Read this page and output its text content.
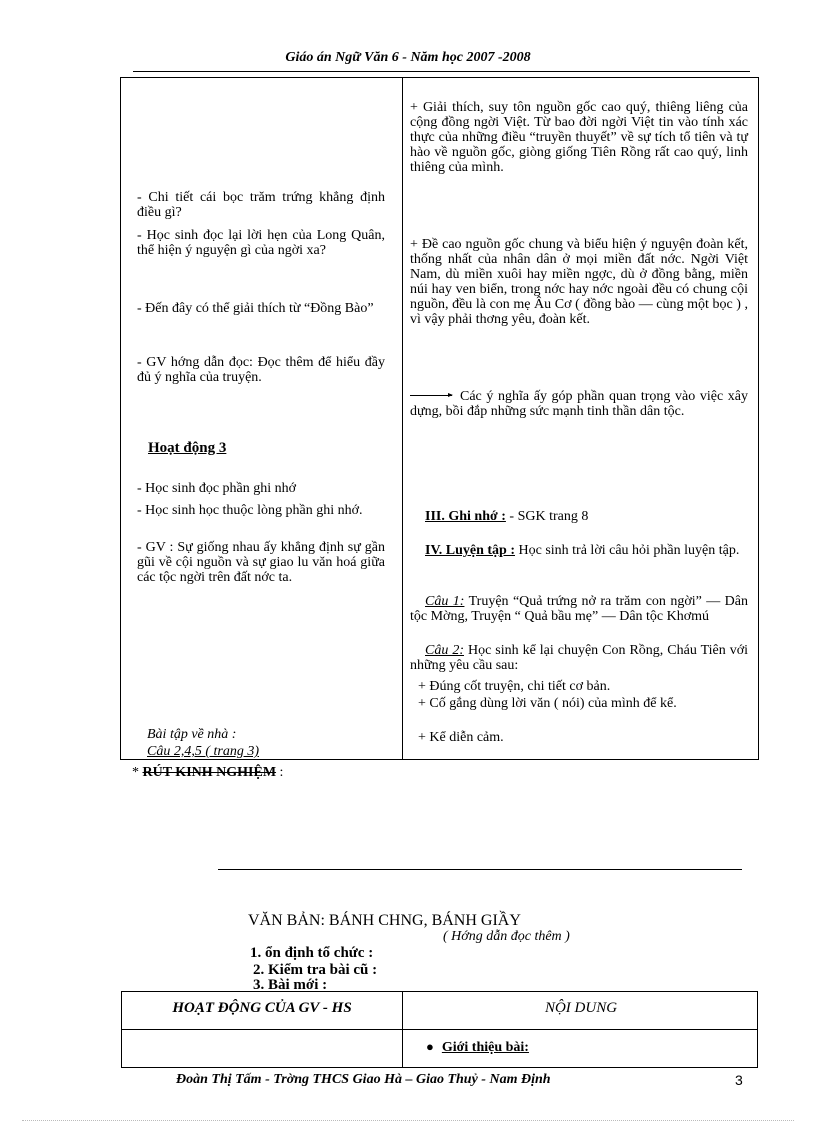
Giáo án Ngữ Văn 6 - Năm học 2007 -2008
- Chi tiết cái bọc trăm trứng khẳng định điều gì?
- Học sinh đọc lại lời hẹn của Long Quân, thể hiện ý nguyện gì của ngời xa?
- Đến đây có thể giải thích từ “Đồng Bào”
- GV hớng dẫn đọc: Đọc thêm để hiểu đầy đủ ý nghĩa của truyện.
Hoạt động 3
- Học sinh đọc phần ghi nhớ
- Học sinh học thuộc lòng phần ghi nhớ.
- GV : Sự giống nhau ấy khẳng định sự gần gũi về cội nguồn và sự giao lu văn hoá giữa các tộc ngời trên đất nớc ta.
Bài tập về nhà :
Câu 2,4,5 ( trang 3)
+ Giải thích, suy tôn nguồn gốc cao quý, thiêng liêng của cộng đồng ngời Việt. Từ bao đời ngời Việt tin vào tính xác thực của những điều “truyền thuyết” về sự tích tổ tiên và tự hào về nguồn gốc, giòng giống Tiên Rồng rất cao quý, linh thiêng của mình.
+ Đề cao nguồn gốc chung và biểu hiện ý nguyện đoàn kết, thống nhất của nhân dân ở mọi miền đất nớc. Ngời Việt Nam, dù miền xuôi hay miền ngợc, dù ở đồng bằng, miền núi hay ven biển, trong nớc hay nớc ngoài đều có chung cội nguồn, đều là con mẹ Âu Cơ ( đồng bào — cùng một bọc ) , vì vậy phải thơng yêu, đoàn kết.
Các ý nghĩa ấy góp phần quan trọng vào việc xây dựng, bồi đắp những sức mạnh tinh thần dân tộc.
III. Ghi nhớ : - SGK trang 8
IV. Luyện tập : Học sinh trả lời câu hỏi phần luyện tập.
Câu 1: Truyện “Quả trứng nở ra trăm con ngời” — Dân tộc Mờng, Truyện “ Quả bầu mẹ” — Dân tộc Khơmú
Câu 2: Học sinh kể lại chuyện Con Rồng, Cháu Tiên với những yêu cầu sau:
+ Đúng cốt truyện, chi tiết cơ bản.
+ Cố gắng dùng lời văn ( nói) của mình để kể.
+ Kể diễn cảm.
* RÚT KINH NGHIỆM :
VĂN BẢN: BÁNH CHNG, BÁNH GIẦY
( Hớng dẫn đọc thêm )
1. ổn định tổ chức :
2. Kiểm tra bài cũ :
3. Bài mới :
HOẠT ĐỘNG CỦA GV - HS	NỘI DUNG
● Giới thiệu bài:
Đoàn Thị Tấm - Trờng THCS Giao Hà – Giao Thuỷ - Nam Định	3
